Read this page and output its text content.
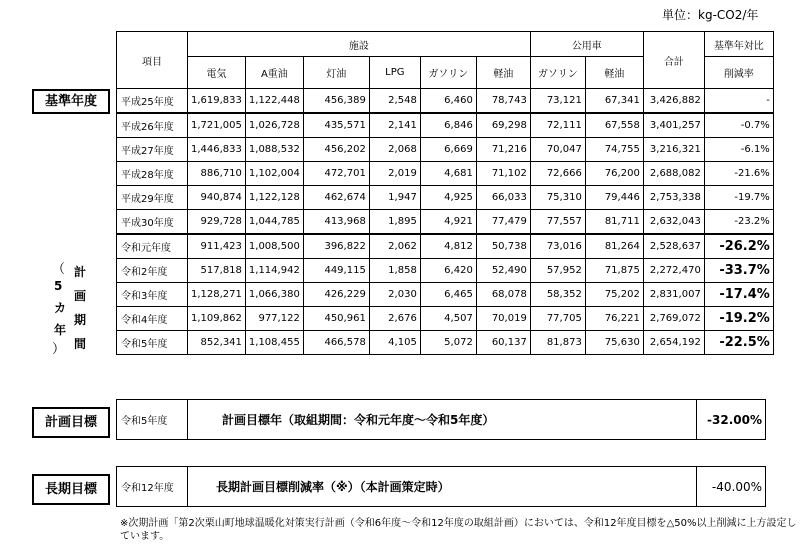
単位：kg-CO2/年
基準年度
（
5
カ
年
）
計
画
期
間
計画目標
長期目標
項目	施設						公用車		合計	基準年対比
	電気	A重油	灯油	LPG	ガソリン	軽油	ガソリン	軽油		削減率
平成25年度	1,619,833	1,122,448	456,389	2,548	6,460	78,743	73,121	67,341	3,426,882	-
平成26年度	1,721,005	1,026,728	435,571	2,141	6,846	69,298	72,111	67,558	3,401,257	-0.7%
平成27年度	1,446,833	1,088,532	456,202	2,068	6,669	71,216	70,047	74,755	3,216,321	-6.1%
平成28年度	886,710	1,102,004	472,701	2,019	4,681	71,102	72,666	76,200	2,688,082	-21.6%
平成29年度	940,874	1,122,128	462,674	1,947	4,925	66,033	75,310	79,446	2,753,338	-19.7%
平成30年度	929,728	1,044,785	413,968	1,895	4,921	77,479	77,557	81,711	2,632,043	-23.2%
令和元年度	911,423	1,008,500	396,822	2,062	4,812	50,738	73,016	81,264	2,528,637	-26.2%
令和2年度	517,818	1,114,942	449,115	1,858	6,420	52,490	57,952	71,875	2,272,470	-33.7%
令和3年度	1,128,271	1,066,380	426,229	2,030	6,465	68,078	58,352	75,202	2,831,007	-17.4%
令和4年度	1,109,862	977,122	450,961	2,676	4,507	70,019	77,705	76,221	2,769,072	-19.2%
令和5年度	852,341	1,108,455	466,578	4,105	5,072	60,137	81,873	75,630	2,654,192	-22.5%
令和5年度	計画目標年（取組期間：令和元年度～令和5年度）	-32.00%
令和12年度	長期計画目標削減率（※）（本計画策定時）	-40.00%
※次期計画「第2次栗山町地球温暖化対策実行計画（令和6年度～令和12年度の取組計画）においては、令和12年度目標を△50%以上削減に上方設定しています。
